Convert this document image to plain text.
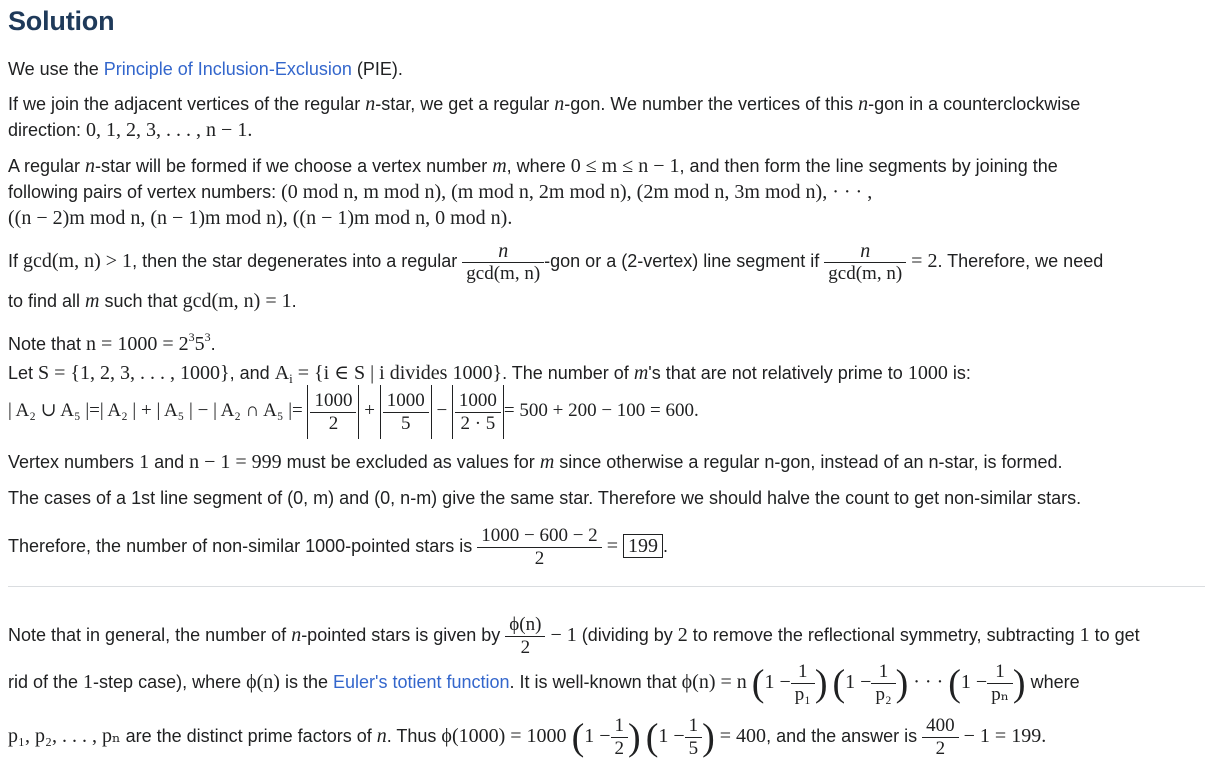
Solution
We use the Principle of Inclusion-Exclusion (PIE).
If we join the adjacent vertices of the regular n-star, we get a regular n-gon. We number the vertices of this n-gon in a counterclockwise
direction: 0, 1, 2, 3, . . . , n − 1.
A regular n-star will be formed if we choose a vertex number m, where 0 ≤ m ≤ n − 1, and then form the line segments by joining the
following pairs of vertex numbers: (0 mod n, m mod n), (m mod n, 2m mod n), (2m mod n, 3m mod n), · · · ,
((n − 2)m mod n, (n − 1)m mod n), ((n − 1)m mod n, 0 mod n).
If gcd(m, n) > 1, then the star degenerates into a regular $\frac{n}{\gcd(m, n)} -gon$ or a (2-vertex) line segment if $\frac{n}{\gcd(m, n)} = 2$. Therefore, we need
to find all m such that gcd(m, n) = 1.
Note that $n = 1000 = 2^35^3$.
Let S = {1, 2, 3, . . . , 1000}, and $A_i = \{i$ ∈ S | i divides 1000}. The number of m's that are not relatively prime to 1000 is:
| A₂ ∪ A₅ |=| A₂ | + | A₅ | − | A₂ ∩ A₅ |= $\frac{1000}{2} + \frac{1000}{5} - \frac{1000}{2 \cdot 5} = 500 + 200 - 100 = 600$.
Vertex numbers 1 and n − 1 = 999 must be excluded as values for m since otherwise a regular n-gon, instead of an n-star, is formed.
The cases of a 1st line segment of (0, m) and (0, n-m) give the same star. Therefore we should halve the count to get non-similar stars.
Therefore, the number of non-similar 1000-pointed stars is $\frac{1000 - 600 - 2}{2} = 199$ .
Note that in general, the number of n-pointed stars is given by $\frac{\phi(n)}{2} - 1$ (dividing by 2 to remove the reflectional symmetry, subtracting 1 to get
rid of the 1-step case), where ϕ(n) is the Euler's totient function. It is well-known that ϕ(n) = n ($1 - \frac{1}{\text{p₁}}$ ) ($1 - \frac{1}{\text{p₂}}$ ) · · · ($1 - \frac{1}{\text{pₙ}}$ ) where
p₁, p₂, . . . , pₙ are the distinct prime factors of n. Thus ϕ(1000) = 1000 ($1 - \frac{1}{2}$ ) ($1 - \frac{1}{5}$ ) = 400, and the answer is $\frac{400}{2} - 1 = 199$.
